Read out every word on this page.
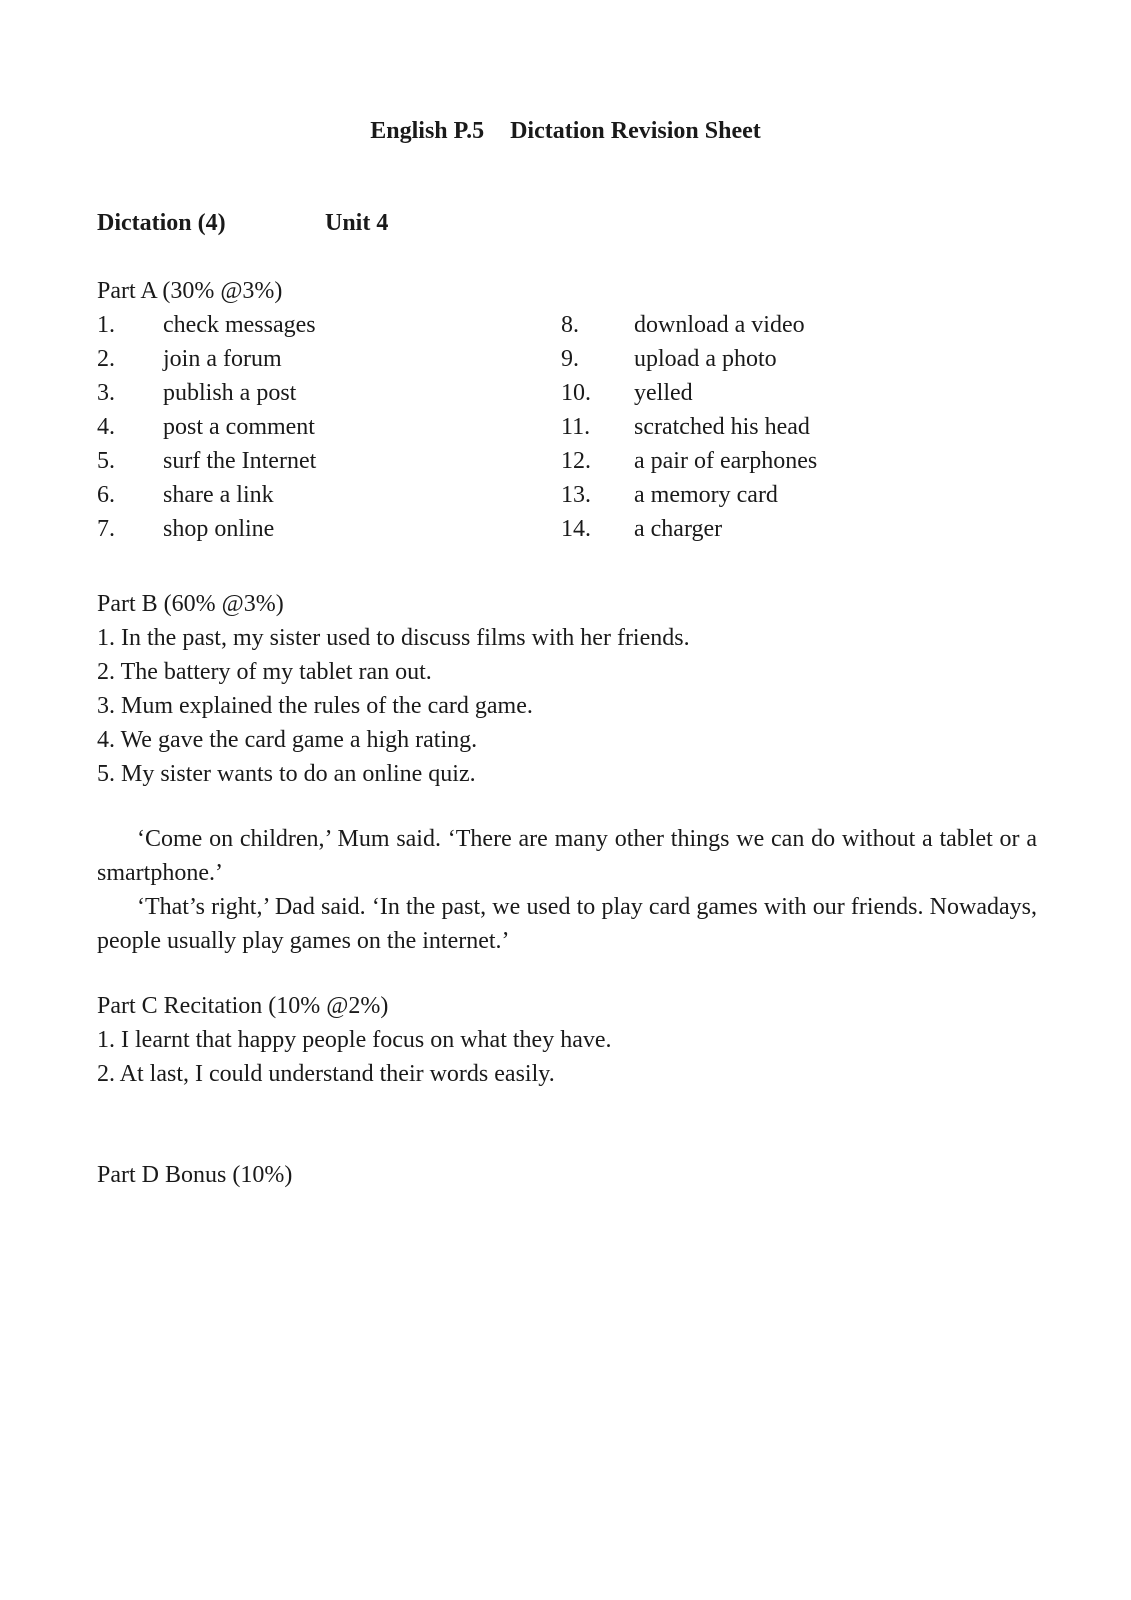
English P.5 Dictation Revision Sheet
Dictation (4)	Unit 4
Part A (30% @3%)
1. check messages
2. join a forum
3. publish a post
4. post a comment
5. surf the Internet
6. share a link
7. shop online
8. download a video
9. upload a photo
10. yelled
11. scratched his head
12. a pair of earphones
13. a memory card
14. a charger
Part B (60% @3%)
1. In the past, my sister used to discuss films with her friends.
2. The battery of my tablet ran out.
3. Mum explained the rules of the card game.
4. We gave the card game a high rating.
5. My sister wants to do an online quiz.
‘Come on children,’ Mum said. ‘There are many other things we can do without a tablet or a smartphone.’
‘That’s right,’ Dad said. ‘In the past, we used to play card games with our friends. Nowadays, people usually play games on the internet.’
Part C Recitation (10% @2%)
1. I learnt that happy people focus on what they have.
2. At last, I could understand their words easily.
Part D Bonus (10%)
